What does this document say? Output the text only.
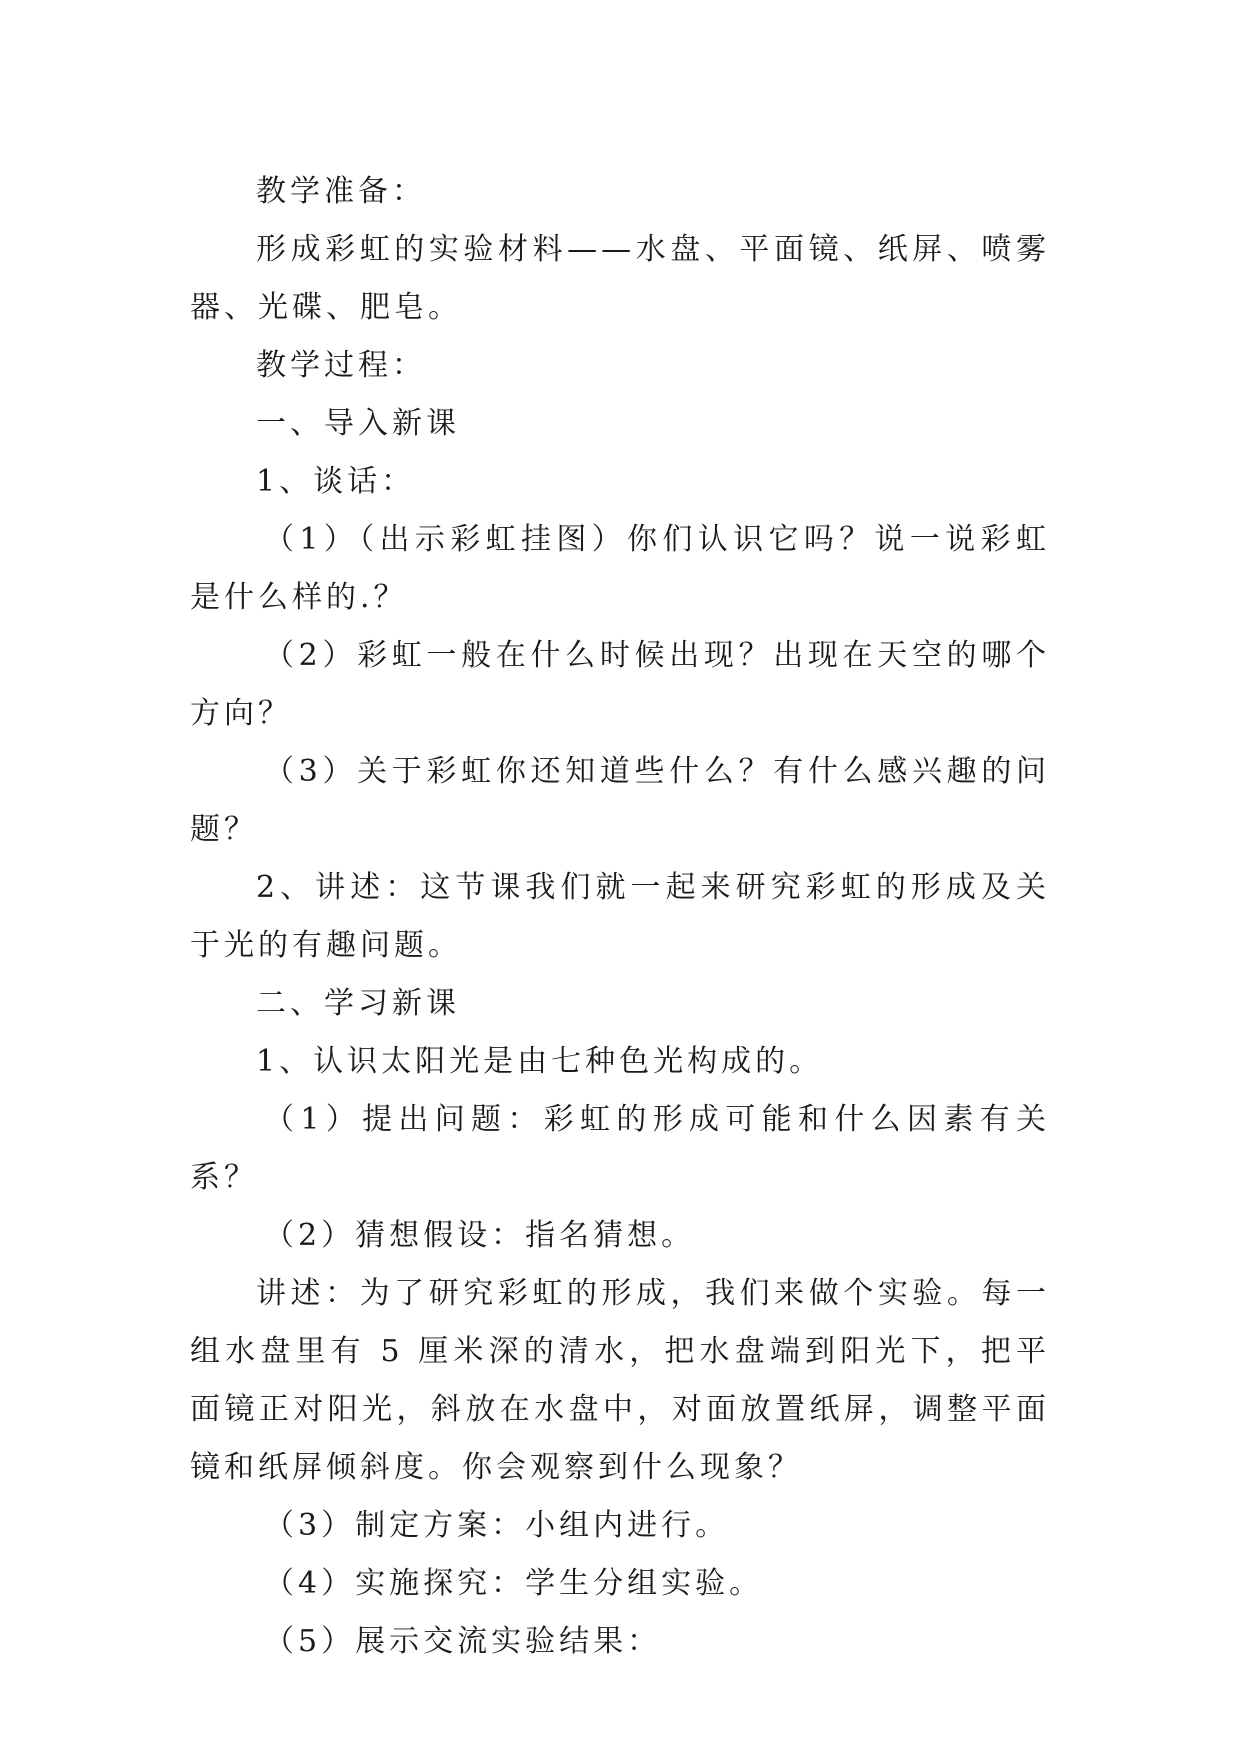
教学准备：

形成彩虹的实验材料——水盘、平面镜、纸屏、喷雾器、光碟、肥皂。

教学过程：

一、导入新课

1、谈话：

（1）（出示彩虹挂图）你们认识它吗？说一说彩虹是什么样的.？

（2）彩虹一般在什么时候出现？出现在天空的哪个方向？

（3）关于彩虹你还知道些什么？有什么感兴趣的问题？

2、讲述：这节课我们就一起来研究彩虹的形成及关于光的有趣问题。

二、学习新课

1、认识太阳光是由七种色光构成的。

（1）提出问题：彩虹的形成可能和什么因素有关系？

（2）猜想假设：指名猜想。

讲述：为了研究彩虹的形成，我们来做个实验。每一组水盘里有 5 厘米深的清水，把水盘端到阳光下，把平面镜正对阳光，斜放在水盘中，对面放置纸屏，调整平面镜和纸屏倾斜度。你会观察到什么现象？

（3）制定方案：小组内进行。

（4）实施探究：学生分组实验。

（5）展示交流实验结果：
